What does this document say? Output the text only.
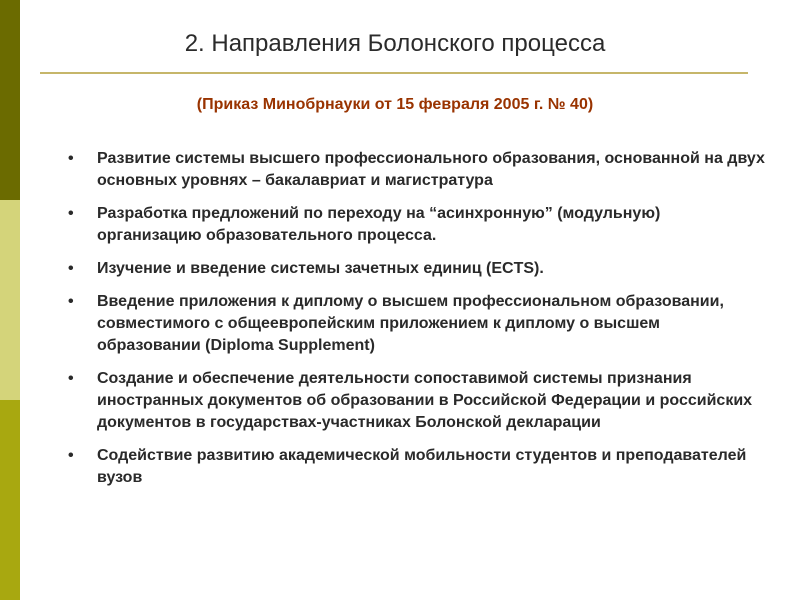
2. Направления Болонского процесса
(Приказ Минобрнауки от 15 февраля 2005 г. № 40)
•	Развитие системы высшего профессионального образования, основанной на двух основных уровнях – бакалавриат и магистратура
•	Разработка предложений по переходу на “асинхронную” (модульную) организацию образовательного процесса.
•	Изучение и введение системы зачетных единиц (ECTS).
•	Введение приложения к диплому о высшем профессиональном образовании, совместимого с общеевропейским приложением к диплому о высшем образовании (Diploma Supplement)
•	Создание и обеспечение деятельности сопоставимой системы признания иностранных документов об образовании в Российской Федерации и российских документов в государствах-участниках Болонской декларации
•	Содействие развитию академической мобильности студентов и преподавателей вузов
